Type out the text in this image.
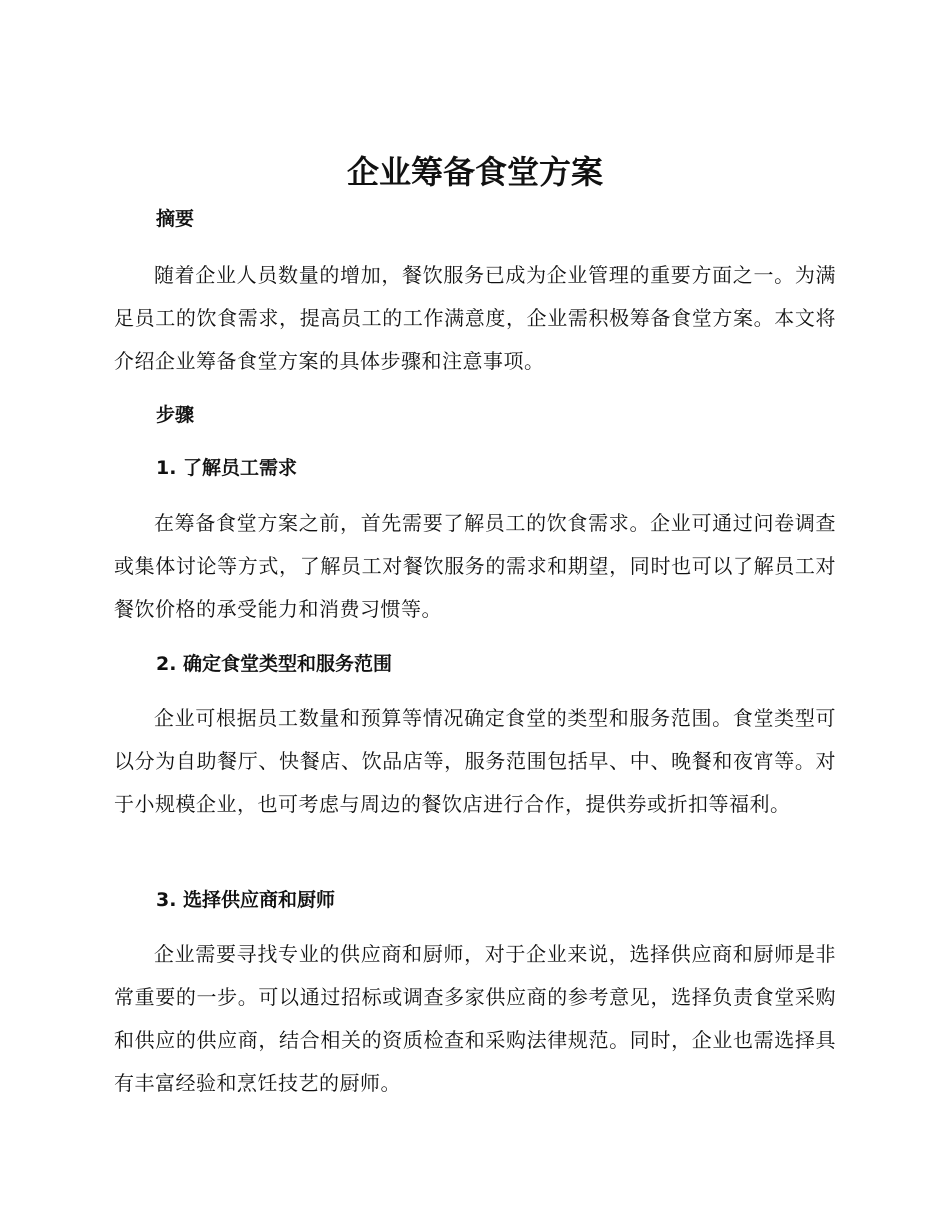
企业筹备食堂方案
摘要

随着企业人员数量的增加，餐饮服务已成为企业管理的重要方面之一。为满足员工的饮食需求，提高员工的工作满意度，企业需积极筹备食堂方案。本文将介绍企业筹备食堂方案的具体步骤和注意事项。

步骤
1. 了解员工需求

在筹备食堂方案之前，首先需要了解员工的饮食需求。企业可通过问卷调查或集体讨论等方式，了解员工对餐饮服务的需求和期望，同时也可以了解员工对餐饮价格的承受能力和消费习惯等。

2. 确定食堂类型和服务范围

企业可根据员工数量和预算等情况确定食堂的类型和服务范围。食堂类型可以分为自助餐厅、快餐店、饮品店等，服务范围包括早、中、晚餐和夜宵等。对于小规模企业，也可考虑与周边的餐饮店进行合作，提供券或折扣等福利。

3. 选择供应商和厨师

企业需要寻找专业的供应商和厨师，对于企业来说，选择供应商和厨师是非常重要的一步。可以通过招标或调查多家供应商的参考意见，选择负责食堂采购和供应的供应商，结合相关的资质检查和采购法律规范。同时，企业也需选择具有丰富经验和烹饪技艺的厨师。
